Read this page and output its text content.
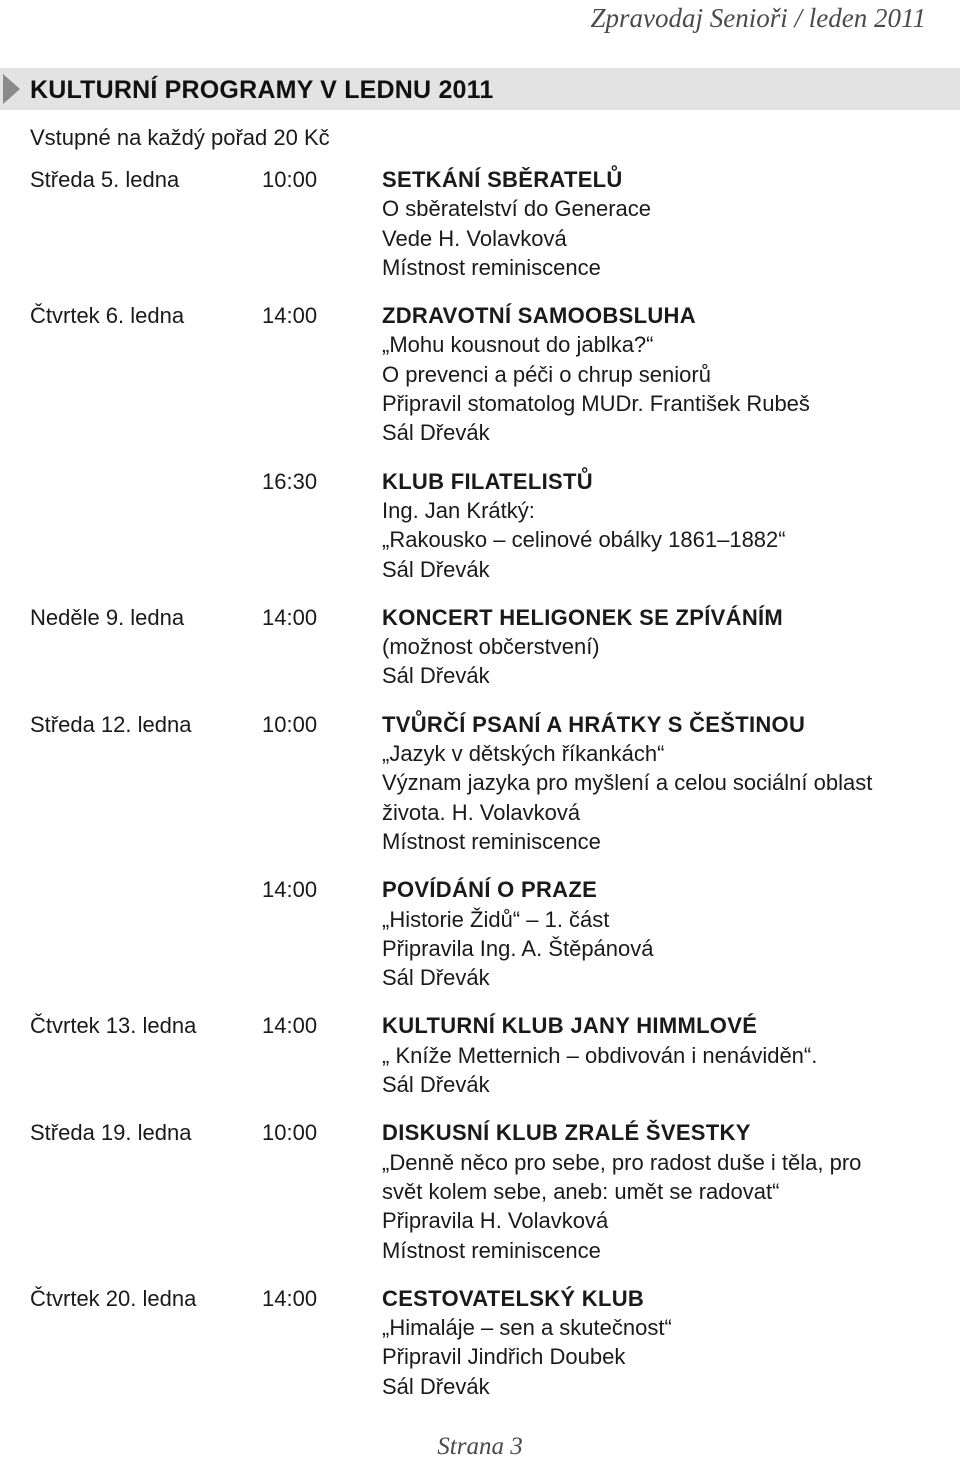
Zpravodaj Senioři / leden 2011
KULTURNÍ PROGRAMY V LEDNU 2011
Vstupné na každý pořad 20 Kč
Středa 5. ledna	10:00	SETKÁNÍ SBĚRATELŮ
O sběratelství do Generace
Vede H. Volavková
Místnost reminiscence
Čtvrtek 6. ledna	14:00	ZDRAVOTNÍ SAMOOBSLUHA
„Mohu kousnout do jablka?“
O prevenci a péči o chrup seniorů
Připravil stomatolog MUDr. František Rubeš
Sál Dřevák
16:30	KLUB FILATELISTŮ
Ing. Jan Krátký:
„Rakousko – celinové obálky 1861–1882“
Sál Dřevák
Neděle 9. ledna	14:00	KONCERT HELIGONEK SE ZPÍVÁNÍM
(možnost občerstvení)
Sál Dřevák
Středa 12. ledna	10:00	TVŮRČÍ PSANÍ A HRÁTKY S ČEŠTINOU
„Jazyk v dětských říkankách“
Význam jazyka pro myšlení a celou sociální oblast
života. H. Volavková
Místnost reminiscence
14:00	POVÍDÁNÍ O PRAZE
„Historie Židů“ – 1. část
Připravila Ing. A. Štěpánová
Sál Dřevák
Čtvrtek 13. ledna	14:00	KULTURNÍ KLUB JANY HIMMLOVÉ
„ Kníže Metternich – obdivován i nenáviděn“.
Sál Dřevák
Středa 19. ledna	10:00	DISKUSNÍ KLUB ZRALÉ ŠVESTKY
„Denně něco pro sebe, pro radost duše i těla, pro
svět kolem sebe, aneb: umět se radovat“
Připravila H. Volavková
Místnost reminiscence
Čtvrtek 20. ledna	14:00	CESTOVATELSKÝ KLUB
„Himaláje – sen a skutečnost“
Připravil Jindřich Doubek
Sál Dřevák
Strana 3
